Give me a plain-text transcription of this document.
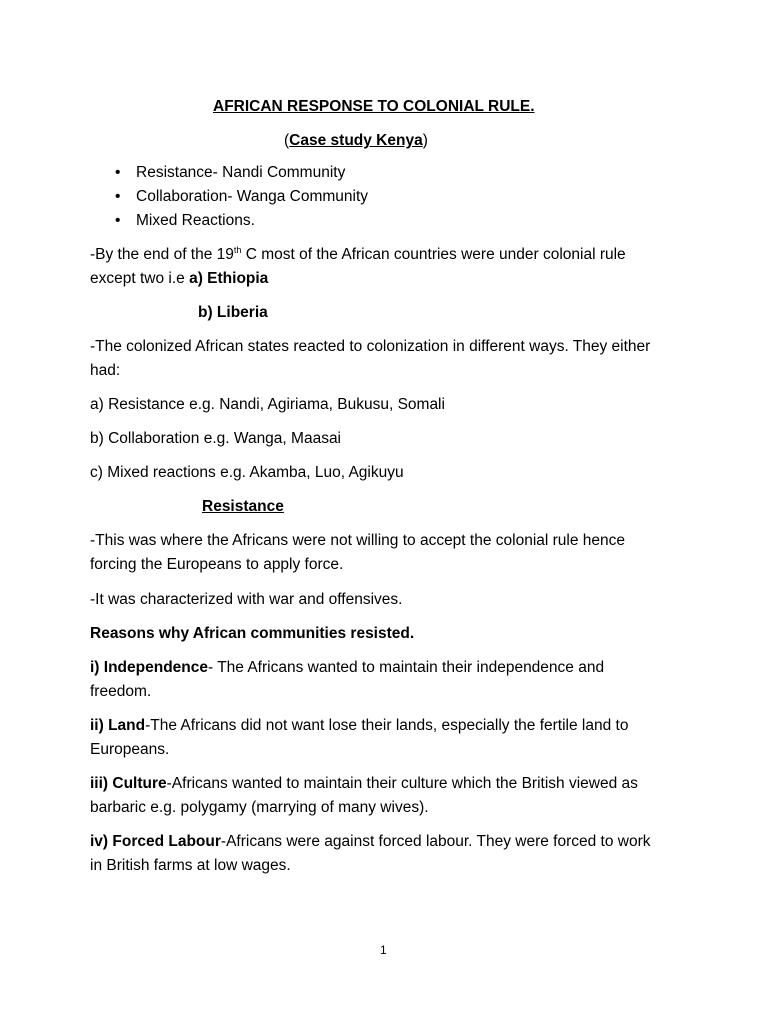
AFRICAN RESPONSE TO COLONIAL RULE.
(Case study Kenya)
• Resistance- Nandi Community
• Collaboration- Wanga Community
• Mixed Reactions.
-By the end of the 19th C most of the African countries were under colonial rule
except two i.e a) Ethiopia
b) Liberia
-The colonized African states reacted to colonization in different ways. They either
had:
a) Resistance e.g. Nandi, Agiriama, Bukusu, Somali
b) Collaboration e.g. Wanga, Maasai
c) Mixed reactions e.g. Akamba, Luo, Agikuyu
Resistance
-This was where the Africans were not willing to accept the colonial rule hence
forcing the Europeans to apply force.
-It was characterized with war and offensives.
Reasons why African communities resisted.
i) Independence- The Africans wanted to maintain their independence and
freedom.
ii) Land-The Africans did not want lose their lands, especially the fertile land to
Europeans.
iii) Culture-Africans wanted to maintain their culture which the British viewed as
barbaric e.g. polygamy (marrying of many wives).
iv) Forced Labour-Africans were against forced labour. They were forced to work
in British farms at low wages.
1
